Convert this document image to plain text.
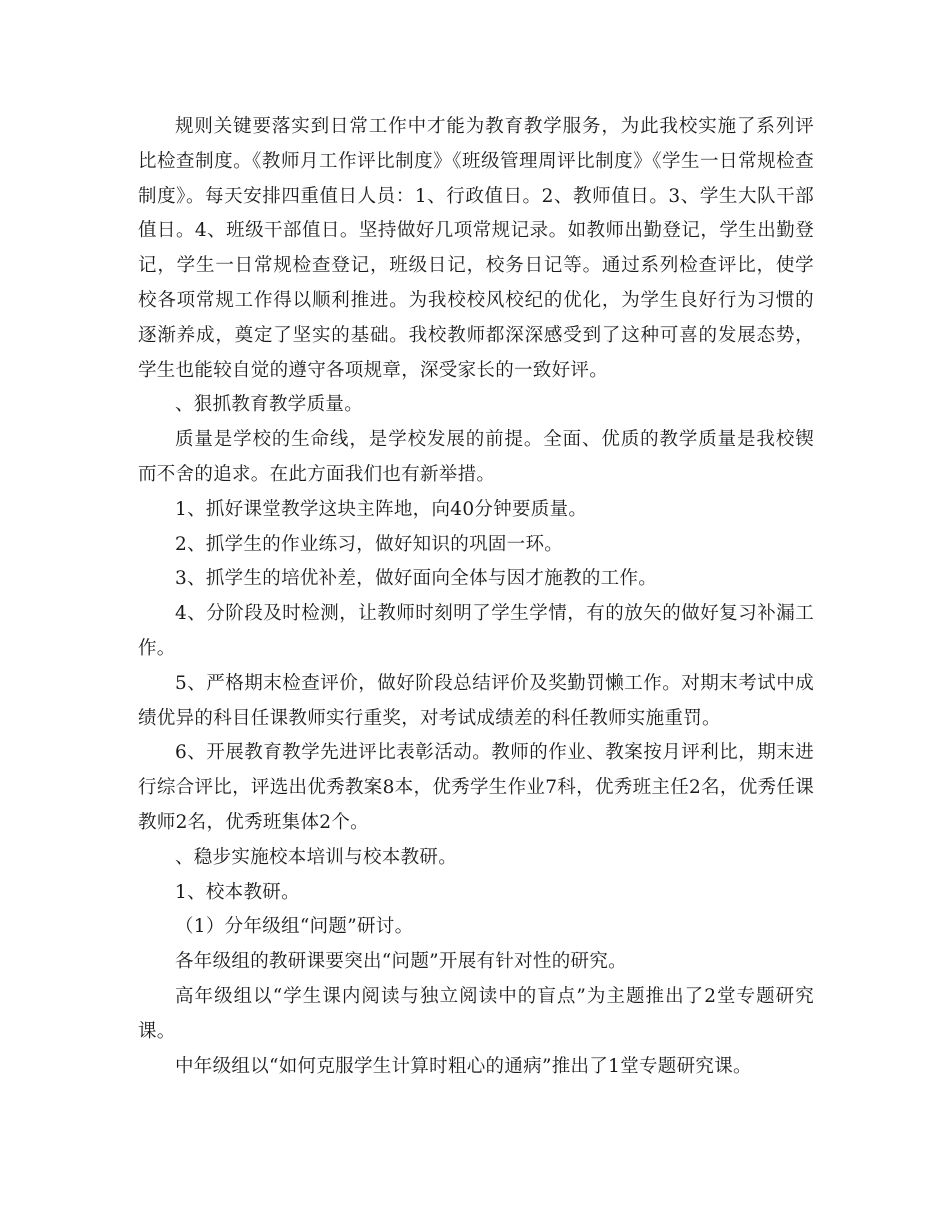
规则关键要落实到日常工作中才能为教育教学服务，为此我校实施了系列评比检查制度。《教师月工作评比制度》《班级管理周评比制度》《学生一日常规检查制度》。每天安排四重值日人员：1、行政值日。2、教师值日。3、学生大队干部值日。4、班级干部值日。坚持做好几项常规记录。如教师出勤登记，学生出勤登记，学生一日常规检查登记，班级日记，校务日记等。通过系列检查评比，使学校各项常规工作得以顺利推进。为我校校风校纪的优化，为学生良好行为习惯的逐渐养成，奠定了坚实的基础。我校教师都深深感受到了这种可喜的发展态势，学生也能较自觉的遵守各项规章，深受家长的一致好评。

、狠抓教育教学质量。

质量是学校的生命线，是学校发展的前提。全面、优质的教学质量是我校锲而不舍的追求。在此方面我们也有新举措。

1、抓好课堂教学这块主阵地，向40分钟要质量。

2、抓学生的作业练习，做好知识的巩固一环。

3、抓学生的培优补差，做好面向全体与因才施教的工作。

4、分阶段及时检测，让教师时刻明了学生学情，有的放矢的做好复习补漏工作。

5、严格期末检查评价，做好阶段总结评价及奖勤罚懒工作。对期末考试中成绩优异的科目任课教师实行重奖，对考试成绩差的科任教师实施重罚。

6、开展教育教学先进评比表彰活动。教师的作业、教案按月评利比，期末进行综合评比，评选出优秀教案8本，优秀学生作业7科，优秀班主任2名，优秀任课教师2名，优秀班集体2个。

、稳步实施校本培训与校本教研。

1、校本教研。

（1）分年级组“问题”研讨。

各年级组的教研课要突出“问题”开展有针对性的研究。

高年级组以“学生课内阅读与独立阅读中的盲点”为主题推出了2堂专题研究课。

中年级组以“如何克服学生计算时粗心的通病”推出了1堂专题研究课。
